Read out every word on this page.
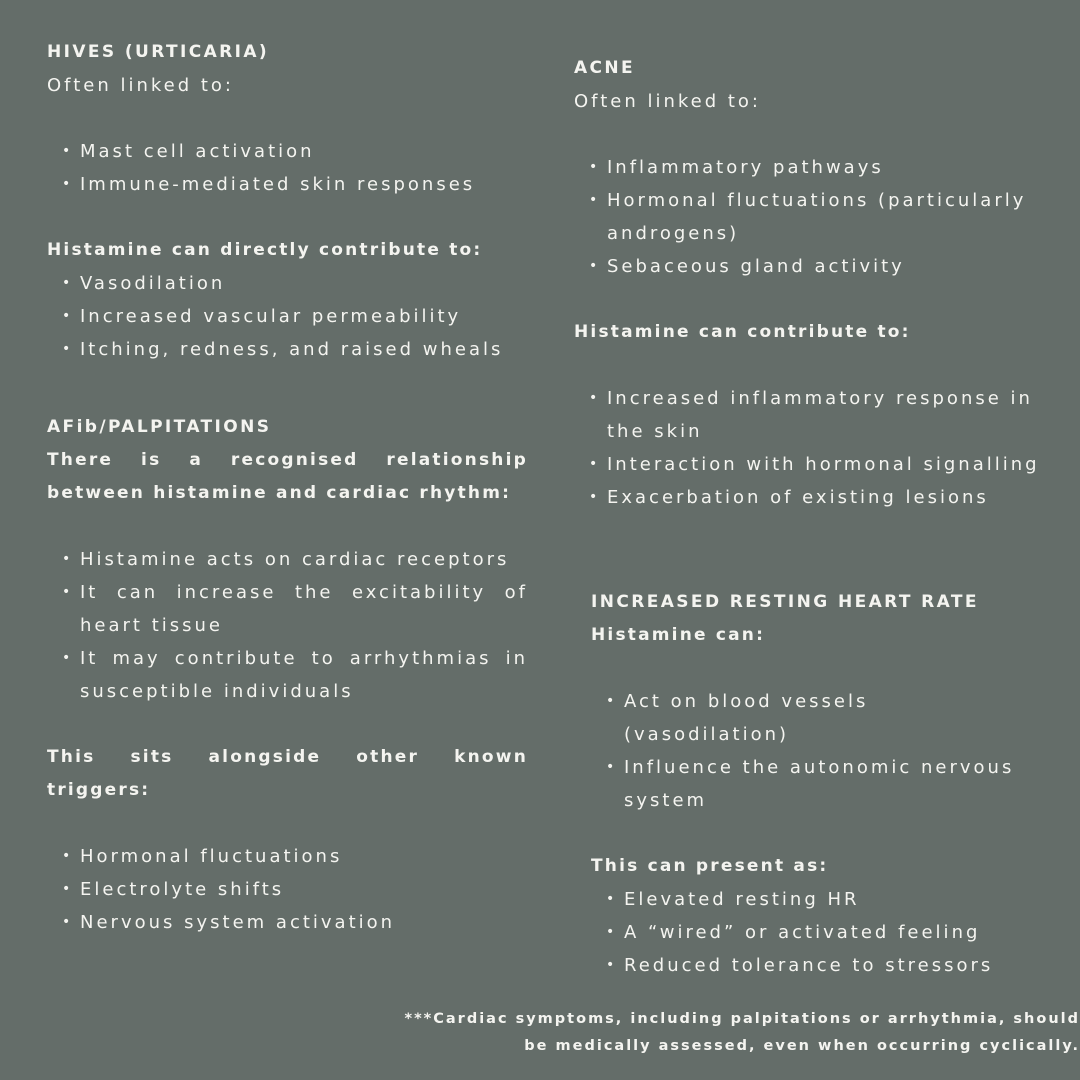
HIVES (URTICARIA)

Often linked to:

• Mast cell activation
• Immune-mediated skin responses

Histamine can directly contribute to:

• Vasodilation
• Increased vascular permeability
• Itching, redness, and raised wheals

AFib/PALPITATIONS

There is a recognised relationship

between histamine and cardiac rhythm:

• Histamine acts on cardiac receptors
• It can increase the excitability of heart tissue
• It may contribute to arrhythmias in susceptible individuals

This sits alongside other known

triggers:

• Hormonal fluctuations
• Electrolyte shifts
• Nervous system activation

ACNE

Often linked to:

• Inflammatory pathways
• Hormonal fluctuations (particularly androgens)
• Sebaceous gland activity

Histamine can contribute to:

• Increased inflammatory response in the skin
• Interaction with hormonal signalling
• Exacerbation of existing lesions

INCREASED RESTING HEART RATE

Histamine can:

• Act on blood vessels (vasodilation)
• Influence the autonomic nervous system

This can present as:

• Elevated resting HR
• A “wired” or activated feeling
• Reduced tolerance to stressors
***Cardiac symptoms, including palpitations or arrhythmia, should
be medically assessed, even when occurring cyclically.
